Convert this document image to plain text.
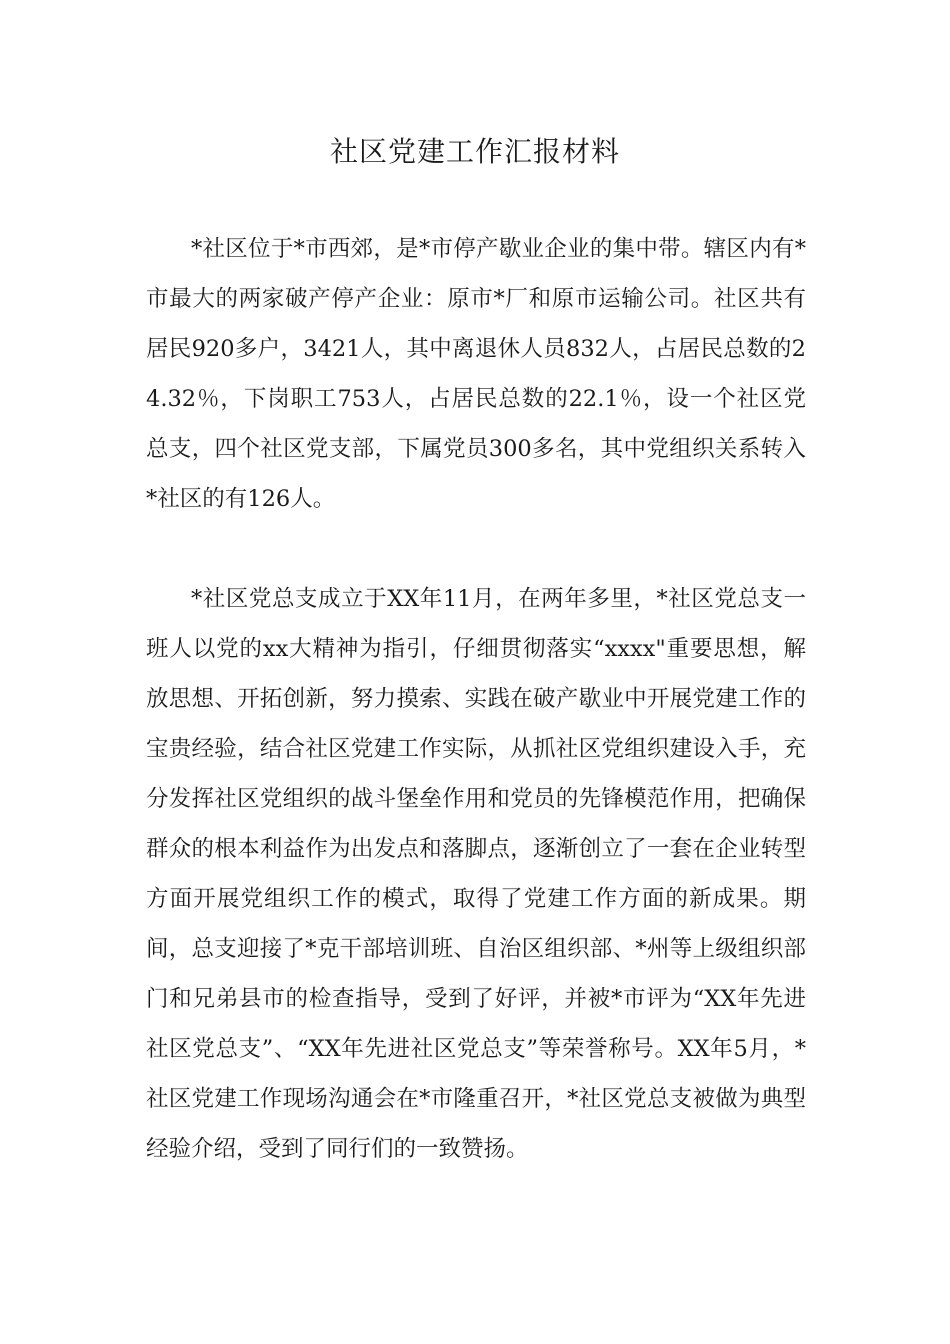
社区党建工作汇报材料

*社区位于*市西郊，是*市停产歇业企业的集中带。辖区内有*市最大的两家破产停产企业：原市*厂和原市运输公司。社区共有居民920多户，3421人，其中离退休人员832人，占居民总数的24.32％，下岗职工753人，占居民总数的22.1％，设一个社区党总支，四个社区党支部，下属党员300多名，其中党组织关系转入*社区的有126人。

*社区党总支成立于XX年11月，在两年多里，*社区党总支一班人以党的xx大精神为指引，仔细贯彻落实“xxxx"重要思想，解放思想、开拓创新，努力摸索、实践在破产歇业中开展党建工作的宝贵经验，结合社区党建工作实际，从抓社区党组织建设入手，充分发挥社区党组织的战斗堡垒作用和党员的先锋模范作用，把确保群众的根本利益作为出发点和落脚点，逐渐创立了一套在企业转型方面开展党组织工作的模式，取得了党建工作方面的新成果。期间，总支迎接了*克干部培训班、自治区组织部、*州等上级组织部门和兄弟县市的检查指导，受到了好评，并被*市评为“XX年先进社区党总支”、“XX年先进社区党总支”等荣誉称号。XX年5月，*社区党建工作现场沟通会在*市隆重召开，*社区党总支被做为典型经验介绍，受到了同行们的一致赞扬。
